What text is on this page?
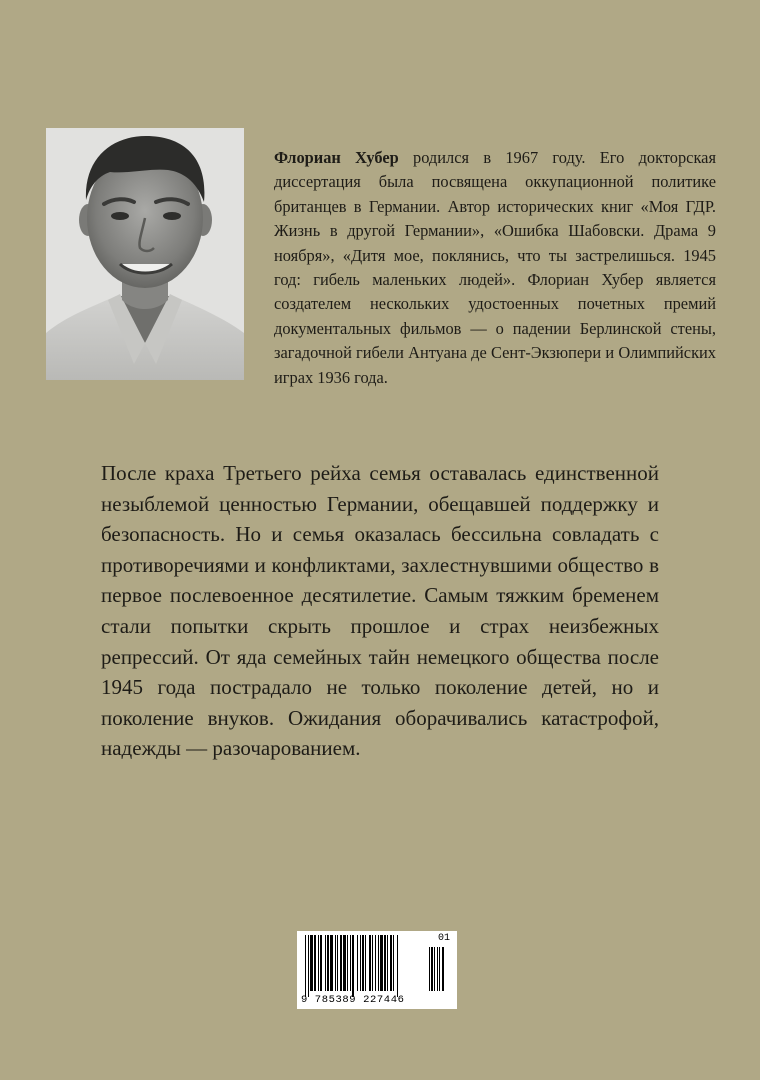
Флориан Хубер родился в 1967 году. Его докторская диссертация была посвящена оккупационной политике британцев в Германии. Автор исторических книг «Моя ГДР. Жизнь в другой Германии», «Ошибка Шабовски. Драма 9 ноября», «Дитя мое, поклянись, что ты застрелишься. 1945 год: гибель маленьких людей». Флориан Хубер является создателем нескольких удостоенных почетных премий документальных фильмов — о падении Берлинской стены, загадочной гибели Антуана де Сент-Экзюпери и Олимпийских играх 1936 года.

После краха Третьего рейха семья оставалась единственной незыблемой ценностью Германии, обещавшей поддержку и безопасность. Но и семья оказалась бессильна совладать с противоречиями и конфликтами, захлестнувшими общество в первое послевоенное десятилетие. Самым тяжким бременем стали попытки скрыть прошлое и страх неизбежных репрессий. От яда семейных тайн немецкого общества после 1945 года пострадало не только поколение детей, но и поколение внуков. Ожидания оборачивались катастрофой, надежды — разочарованием.

01
9 785389 227446
